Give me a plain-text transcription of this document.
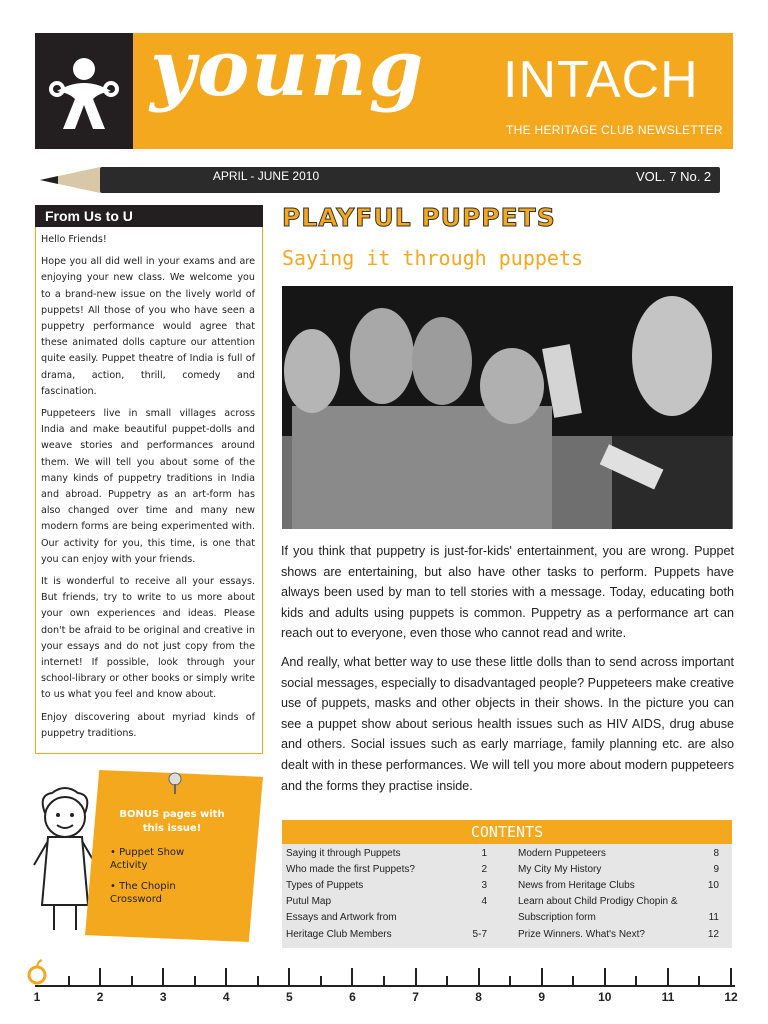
young INTACH
THE HERITAGE CLUB NEWSLETTER
APRIL - JUNE 2010	VOL. 7 No. 2
From Us to U

Hello Friends!

Hope you all did well in your exams and are enjoying your new class. We welcome you to a brand-new issue on the lively world of puppets! All those of you who have seen a puppetry performance would agree that these animated dolls capture our attention quite easily. Puppet theatre of India is full of drama, action, thrill, comedy and fascination.

Puppeteers live in small villages across India and make beautiful puppet-dolls and weave stories and performances around them. We will tell you about some of the many kinds of puppetry traditions in India and abroad. Puppetry as an art-form has also changed over time and many new modern forms are being experimented with. Our activity for you, this time, is one that you can enjoy with your friends.

It is wonderful to receive all your essays. But friends, try to write to us more about your own experiences and ideas. Please don't be afraid to be original and creative in your essays and do not just copy from the internet! If possible, look through your school-library or other books or simply write to us what you feel and know about.

Enjoy discovering about myriad kinds of puppetry traditions.

BONUS pages with this issue!
• Puppet Show Activity
• The Chopin Crossword
PLAYFUL PUPPETS
Saying it through puppets

If you think that puppetry is just-for-kids' entertainment, you are wrong. Puppet shows are entertaining, but also have other tasks to perform. Puppets have always been used by man to tell stories with a message. Today, educating both kids and adults using puppets is common. Puppetry as a performance art can reach out to everyone, even those who cannot read and write.

And really, what better way to use these little dolls than to send across important social messages, especially to disadvantaged people? Puppeteers make creative use of puppets, masks and other objects in their shows. In the picture you can see a puppet show about serious health issues such as HIV AIDS, drug abuse and others. Social issues such as early marriage, family planning etc. are also dealt with in these performances. We will tell you more about modern puppeteers and the forms they practise inside.

CONTENTS
Saying it through Puppets	1
Who made the first Puppets?	2
Types of Puppets	3
Putul Map	4
Essays and Artwork from
Heritage Club Members	5-7
Modern Puppeteers	8
My City My History	9
News from Heritage Clubs	10
Learn about Child Prodigy Chopin &
Subscription form	11
Prize Winners. What's Next?	12
1	2	3	4	5	6	7	8	9	10	11	12
